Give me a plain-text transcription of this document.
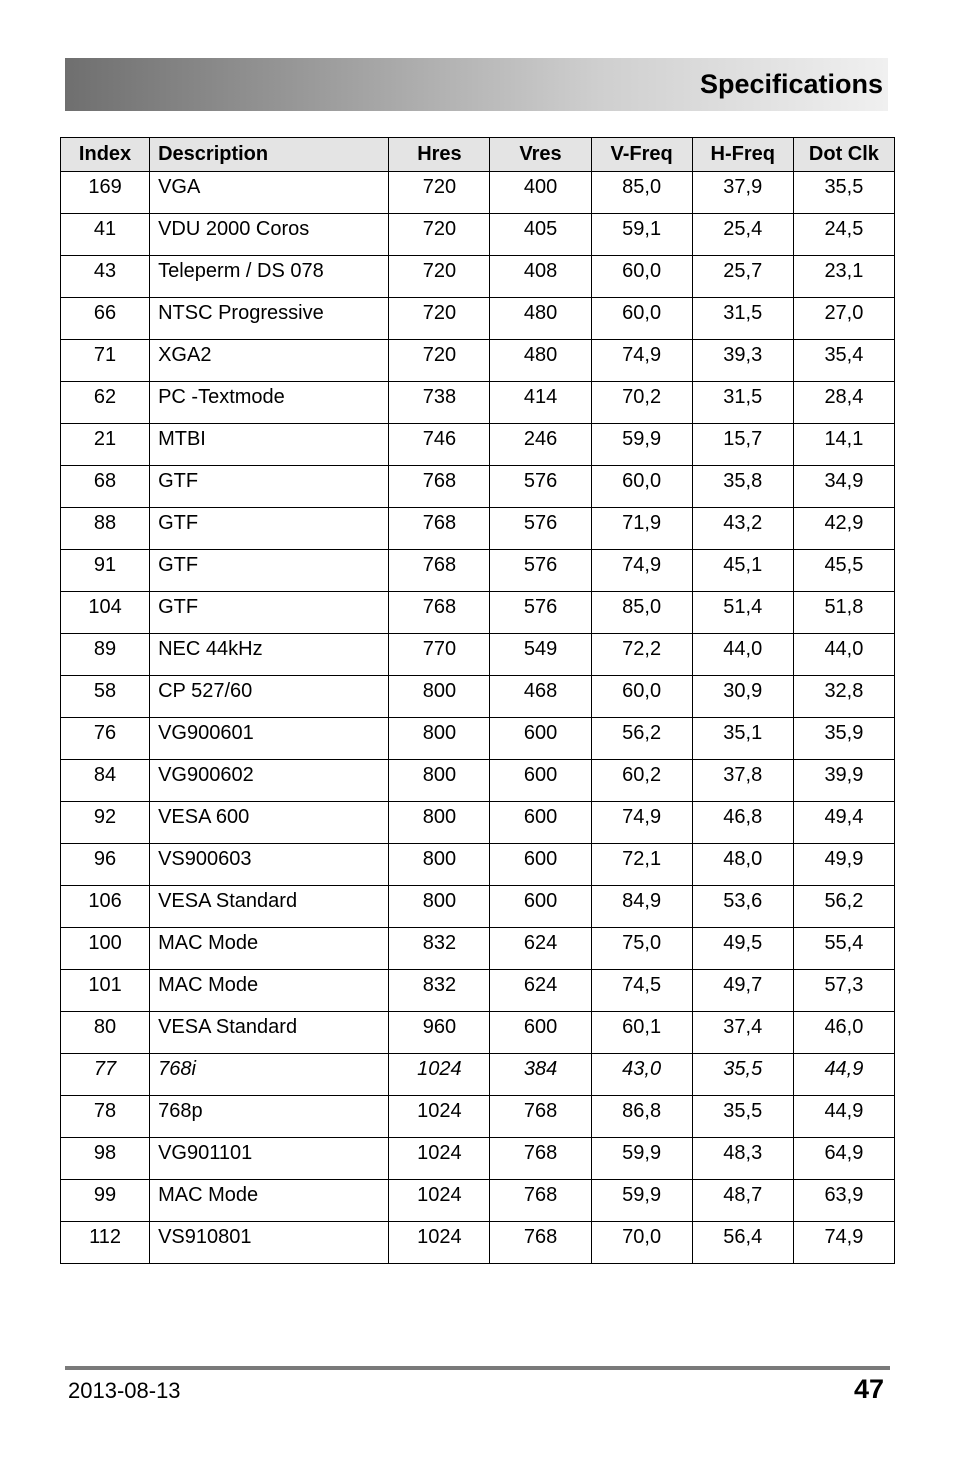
Specifications
Index	Description	Hres	Vres	V-Freq	H-Freq	Dot Clk
169	VGA	720	400	85,0	37,9	35,5
41	VDU 2000 Coros	720	405	59,1	25,4	24,5
43	Teleperm / DS 078	720	408	60,0	25,7	23,1
66	NTSC Progressive	720	480	60,0	31,5	27,0
71	XGA2	720	480	74,9	39,3	35,4
62	PC -Textmode	738	414	70,2	31,5	28,4
21	MTBI	746	246	59,9	15,7	14,1
68	GTF	768	576	60,0	35,8	34,9
88	GTF	768	576	71,9	43,2	42,9
91	GTF	768	576	74,9	45,1	45,5
104	GTF	768	576	85,0	51,4	51,8
89	NEC 44kHz	770	549	72,2	44,0	44,0
58	CP 527/60	800	468	60,0	30,9	32,8
76	VG900601	800	600	56,2	35,1	35,9
84	VG900602	800	600	60,2	37,8	39,9
92	VESA 600	800	600	74,9	46,8	49,4
96	VS900603	800	600	72,1	48,0	49,9
106	VESA Standard	800	600	84,9	53,6	56,2
100	MAC Mode	832	624	75,0	49,5	55,4
101	MAC Mode	832	624	74,5	49,7	57,3
80	VESA Standard	960	600	60,1	37,4	46,0
77	768i	1024	384	43,0	35,5	44,9
78	768p	1024	768	86,8	35,5	44,9
98	VG901101	1024	768	59,9	48,3	64,9
99	MAC Mode	1024	768	59,9	48,7	63,9
112	VS910801	1024	768	70,0	56,4	74,9
2013-08-13	47
